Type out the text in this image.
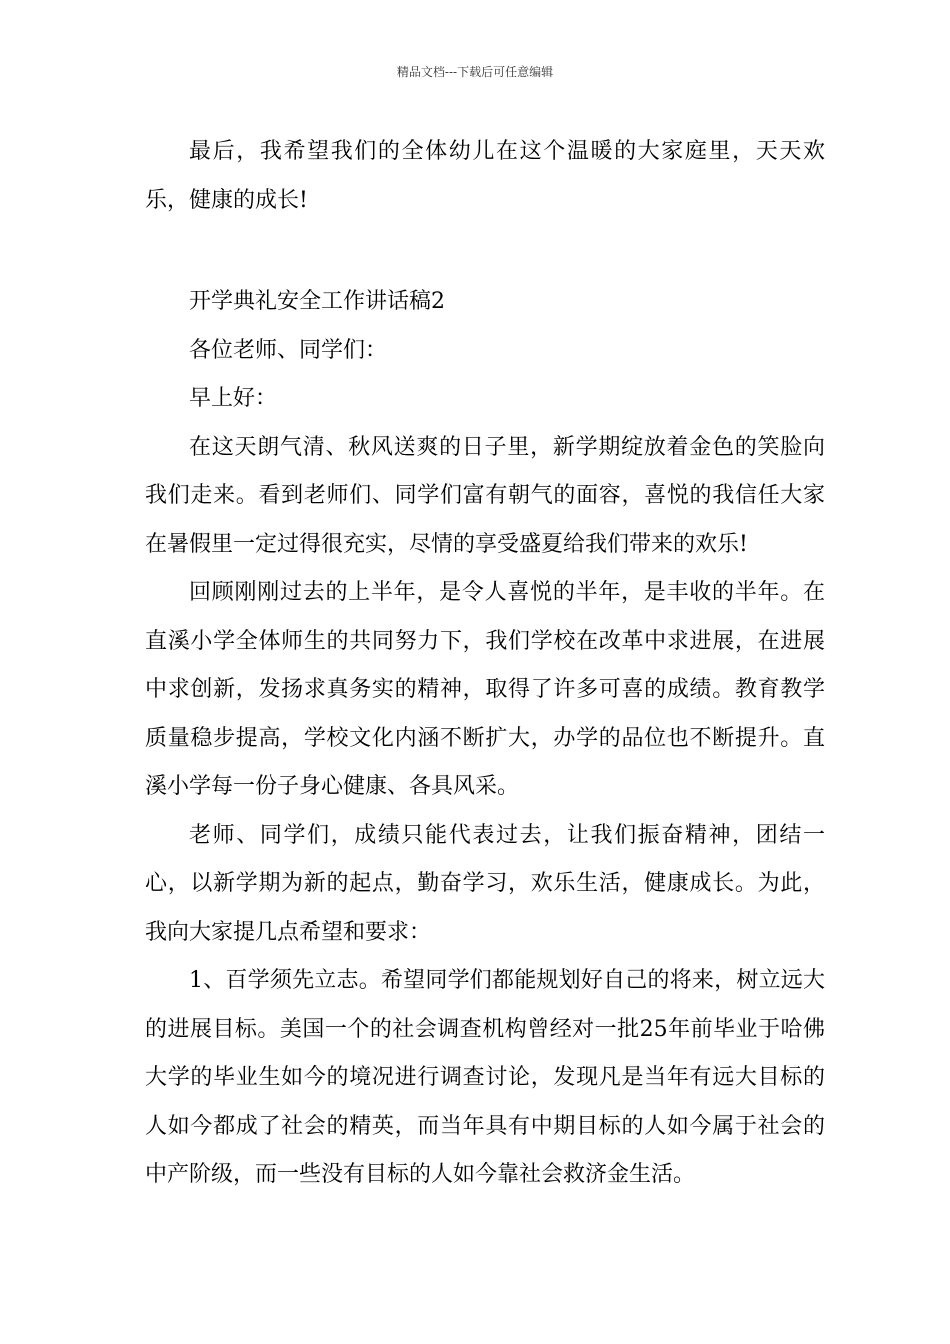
精品文档---下载后可任意编辑

最后，我希望我们的全体幼儿在这个温暖的大家庭里，天天欢乐，健康的成长!

开学典礼安全工作讲话稿2

各位老师、同学们：

早上好：

在这天朗气清、秋风送爽的日子里，新学期绽放着金色的笑脸向我们走来。看到老师们、同学们富有朝气的面容，喜悦的我信任大家在暑假里一定过得很充实，尽情的享受盛夏给我们带来的欢乐!

回顾刚刚过去的上半年，是令人喜悦的半年，是丰收的半年。在直溪小学全体师生的共同努力下，我们学校在改革中求进展，在进展中求创新，发扬求真务实的精神，取得了许多可喜的成绩。教育教学质量稳步提高，学校文化内涵不断扩大，办学的品位也不断提升。直溪小学每一份子身心健康、各具风采。

老师、同学们，成绩只能代表过去，让我们振奋精神，团结一心，以新学期为新的起点，勤奋学习，欢乐生活，健康成长。为此，我向大家提几点希望和要求：

1、百学须先立志。希望同学们都能规划好自己的将来，树立远大的进展目标。美国一个的社会调查机构曾经对一批25年前毕业于哈佛大学的毕业生如今的境况进行调查讨论，发现凡是当年有远大目标的人如今都成了社会的精英，而当年具有中期目标的人如今属于社会的中产阶级，而一些没有目标的人如今靠社会救济金生活。
